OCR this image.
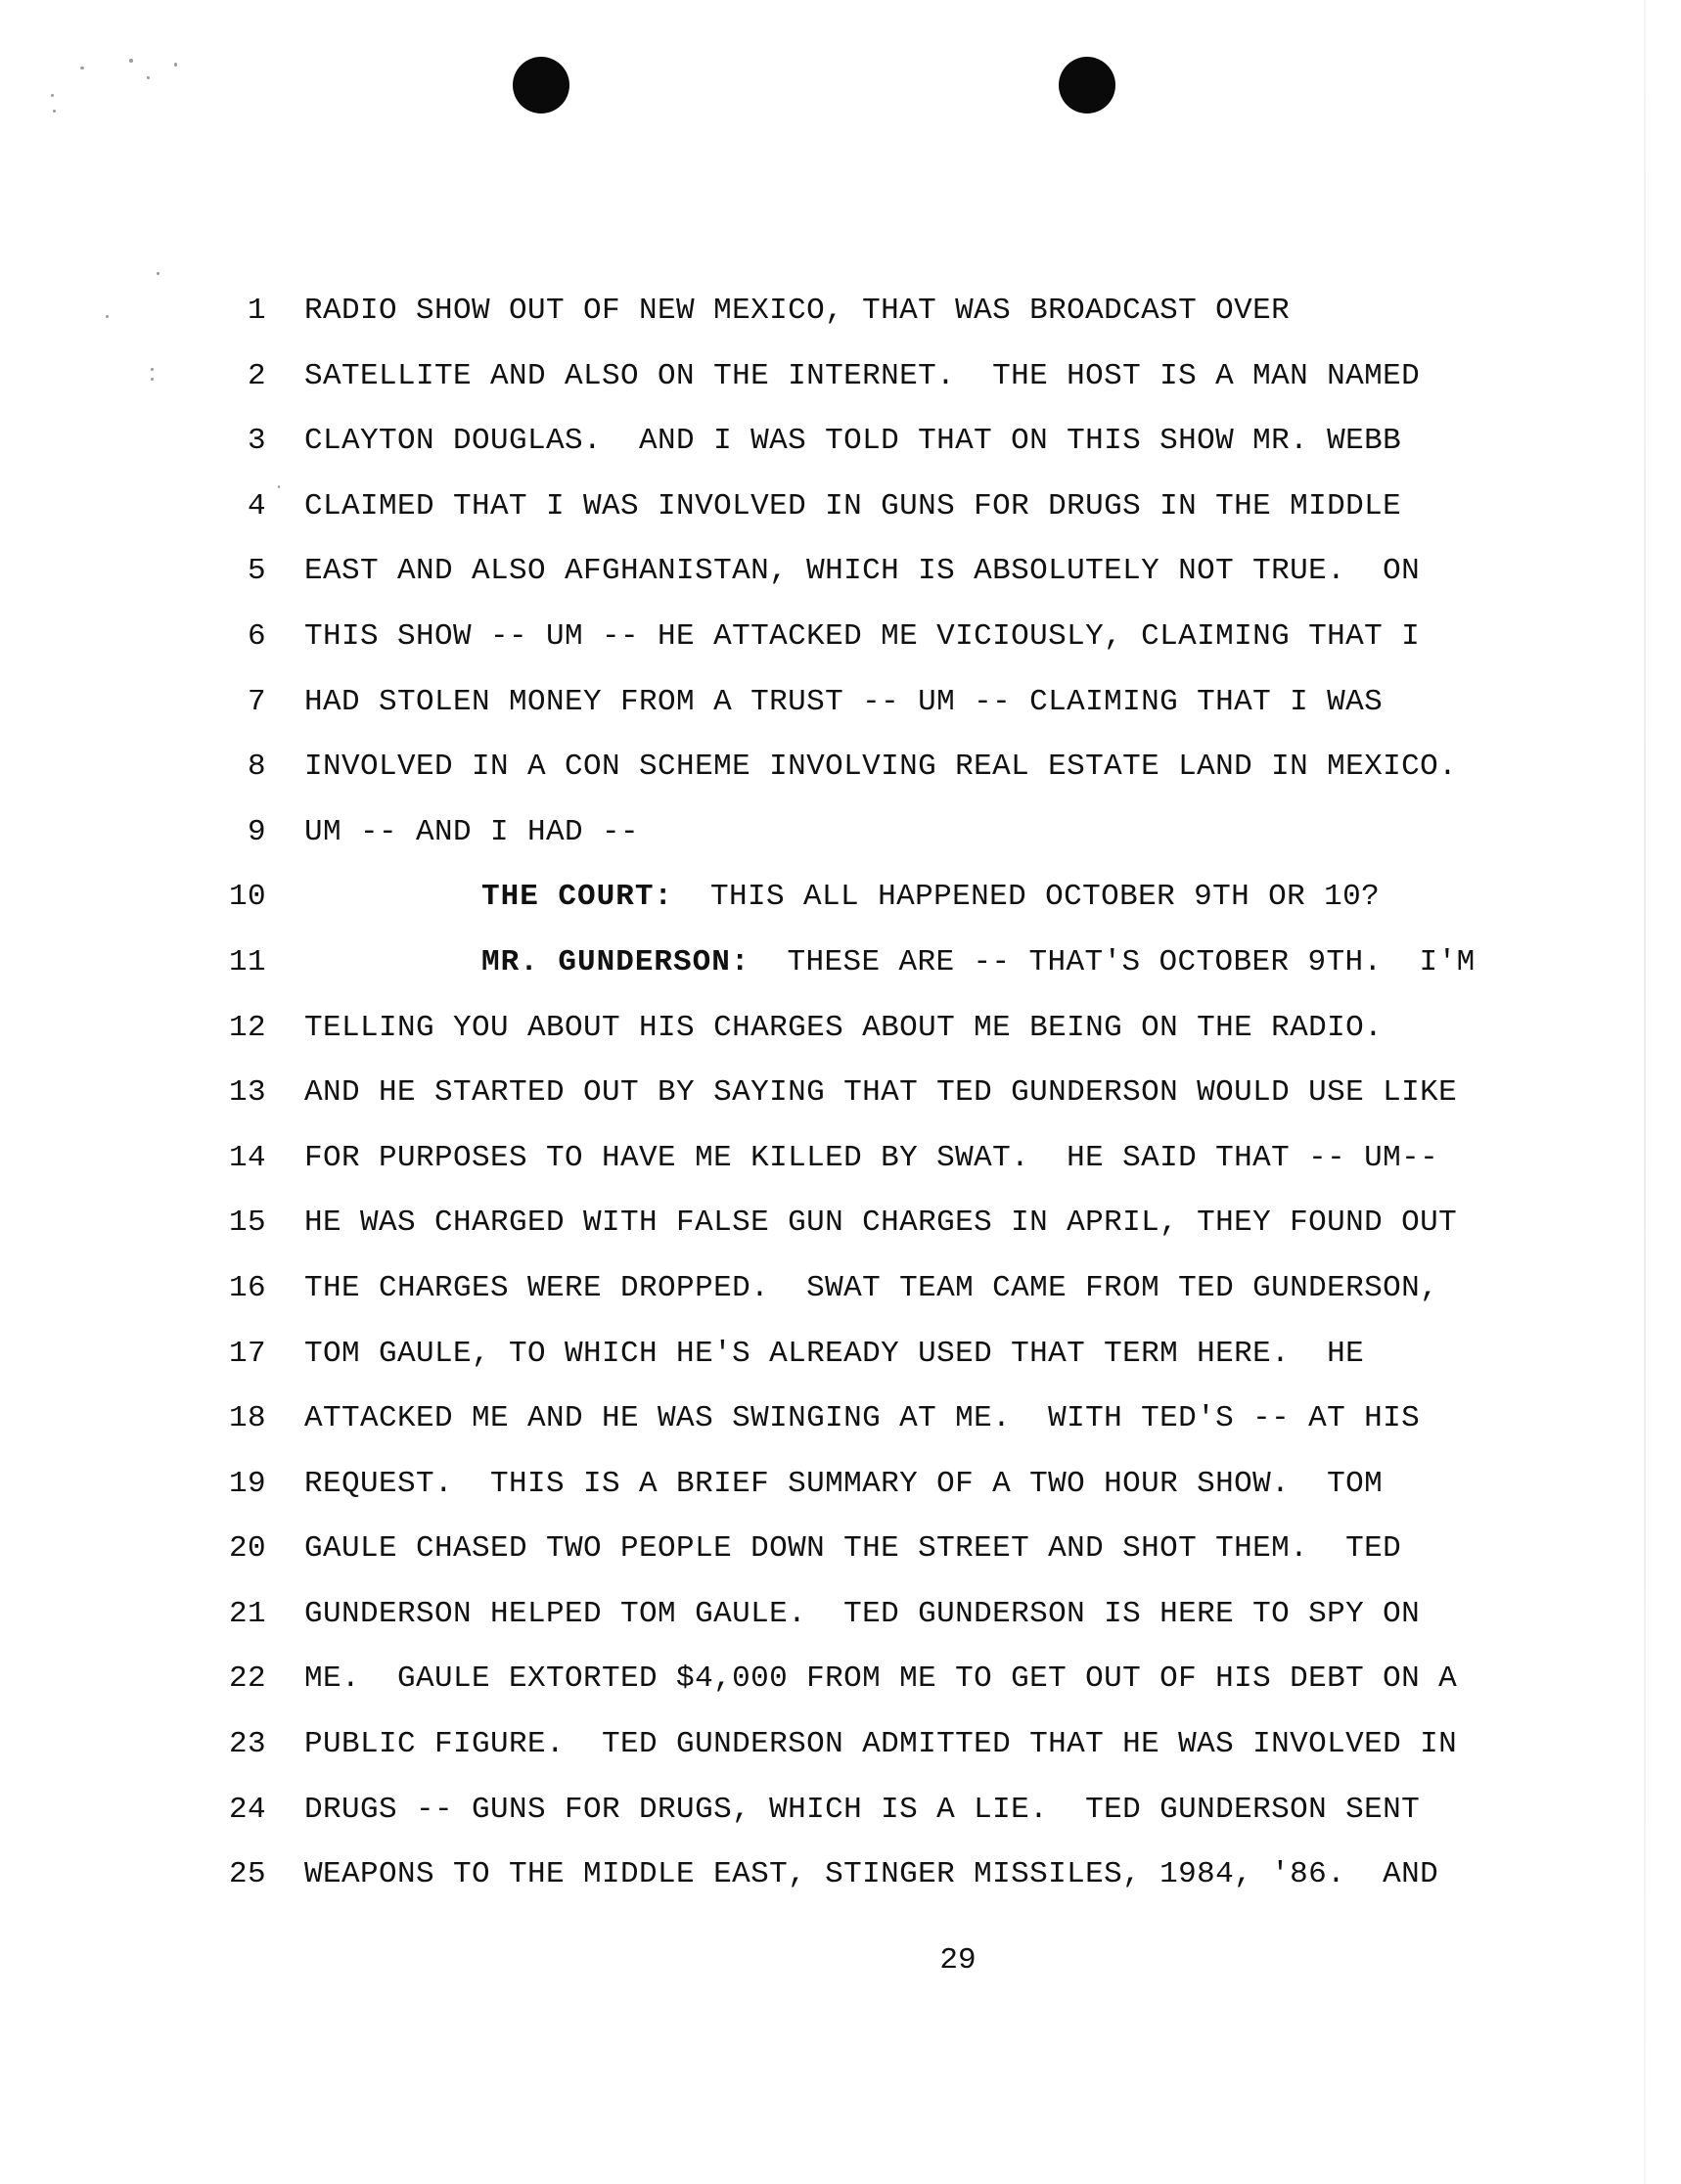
1

RADIO SHOW OUT OF NEW MEXICO, THAT WAS BROADCAST OVER

2

SATELLITE AND ALSO ON THE INTERNET.  THE HOST IS A MAN NAMED

3

CLAYTON DOUGLAS.  AND I WAS TOLD THAT ON THIS SHOW MR. WEBB

4

CLAIMED THAT I WAS INVOLVED IN GUNS FOR DRUGS IN THE MIDDLE

5

EAST AND ALSO AFGHANISTAN, WHICH IS ABSOLUTELY NOT TRUE.  ON

6

THIS SHOW -- UM -- HE ATTACKED ME VICIOUSLY, CLAIMING THAT I

7

HAD STOLEN MONEY FROM A TRUST -- UM -- CLAIMING THAT I WAS

8

INVOLVED IN A CON SCHEME INVOLVING REAL ESTATE LAND IN MEXICO.

9

UM -- AND I HAD --

10

	THE COURT:  THIS ALL HAPPENED OCTOBER 9TH OR 10?

11

	MR. GUNDERSON:  THESE ARE -- THAT'S OCTOBER 9TH.  I'M

12

TELLING YOU ABOUT HIS CHARGES ABOUT ME BEING ON THE RADIO.

13

AND HE STARTED OUT BY SAYING THAT TED GUNDERSON WOULD USE LIKE

14

FOR PURPOSES TO HAVE ME KILLED BY SWAT.  HE SAID THAT -- UM--

15

HE WAS CHARGED WITH FALSE GUN CHARGES IN APRIL, THEY FOUND OUT

16

THE CHARGES WERE DROPPED.  SWAT TEAM CAME FROM TED GUNDERSON,

17

TOM GAULE, TO WHICH HE'S ALREADY USED THAT TERM HERE.  HE

18

ATTACKED ME AND HE WAS SWINGING AT ME.  WITH TED'S -- AT HIS

19

REQUEST.  THIS IS A BRIEF SUMMARY OF A TWO HOUR SHOW.  TOM

20

GAULE CHASED TWO PEOPLE DOWN THE STREET AND SHOT THEM.  TED

21

GUNDERSON HELPED TOM GAULE.  TED GUNDERSON IS HERE TO SPY ON

22

ME.  GAULE EXTORTED $4,000 FROM ME TO GET OUT OF HIS DEBT ON A

23

PUBLIC FIGURE.  TED GUNDERSON ADMITTED THAT HE WAS INVOLVED IN

24

DRUGS -- GUNS FOR DRUGS, WHICH IS A LIE.  TED GUNDERSON SENT

25

WEAPONS TO THE MIDDLE EAST, STINGER MISSILES, 1984, '86.  AND

29
